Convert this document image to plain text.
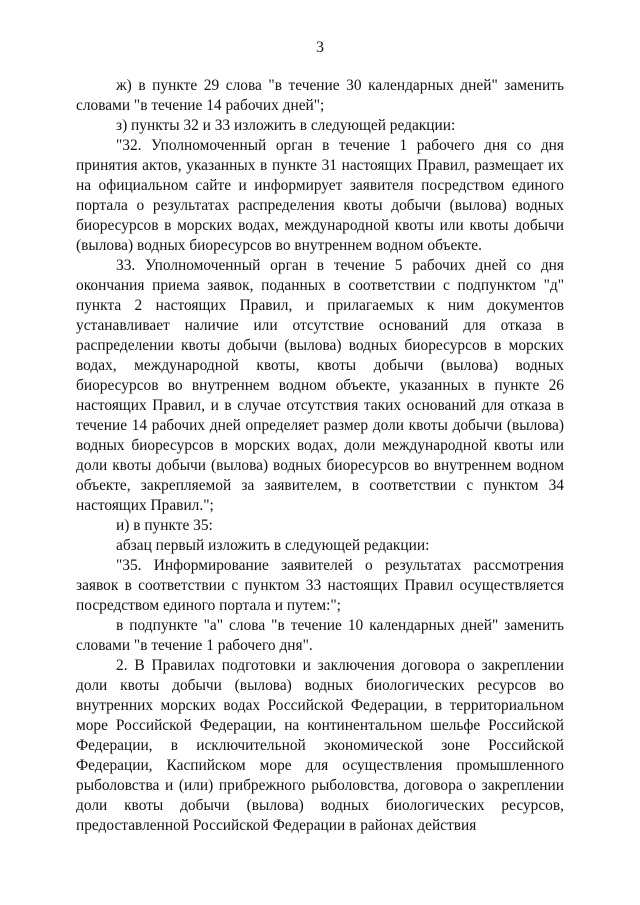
3

ж) в пункте 29 слова "в течение 30 календарных дней" заменить словами "в течение 14 рабочих дней";

з) пункты 32 и 33 изложить в следующей редакции:

"32. Уполномоченный орган в течение 1 рабочего дня со дня принятия актов, указанных в пункте 31 настоящих Правил, размещает их на официальном сайте и информирует заявителя посредством единого портала о результатах распределения квоты добычи (вылова) водных биоресурсов в морских водах, международной квоты или квоты добычи (вылова) водных биоресурсов во внутреннем водном объекте.

33. Уполномоченный орган в течение 5 рабочих дней со дня окончания приема заявок, поданных в соответствии с подпунктом "д" пункта 2 настоящих Правил, и прилагаемых к ним документов устанавливает наличие или отсутствие оснований для отказа в распределении квоты добычи (вылова) водных биоресурсов в морских водах, международной квоты, квоты добычи (вылова) водных биоресурсов во внутреннем водном объекте, указанных в пункте 26 настоящих Правил, и в случае отсутствия таких оснований для отказа в течение 14 рабочих дней определяет размер доли квоты добычи (вылова) водных биоресурсов в морских водах, доли международной квоты или доли квоты добычи (вылова) водных биоресурсов во внутреннем водном объекте, закрепляемой за заявителем, в соответствии с пунктом 34 настоящих Правил.";

и) в пункте 35:

абзац первый изложить в следующей редакции:

"35. Информирование заявителей о результатах рассмотрения заявок в соответствии с пунктом 33 настоящих Правил осуществляется посредством единого портала и путем:";

в подпункте "а" слова "в течение 10 календарных дней" заменить словами "в течение 1 рабочего дня".

2. В Правилах подготовки и заключения договора о закреплении доли квоты добычи (вылова) водных биологических ресурсов во внутренних морских водах Российской Федерации, в территориальном море Российской Федерации, на континентальном шельфе Российской Федерации, в исключительной экономической зоне Российской Федерации, Каспийском море для осуществления промышленного рыболовства и (или) прибрежного рыболовства, договора о закреплении доли квоты добычи (вылова) водных биологических ресурсов, предоставленной Российской Федерации в районах действия
